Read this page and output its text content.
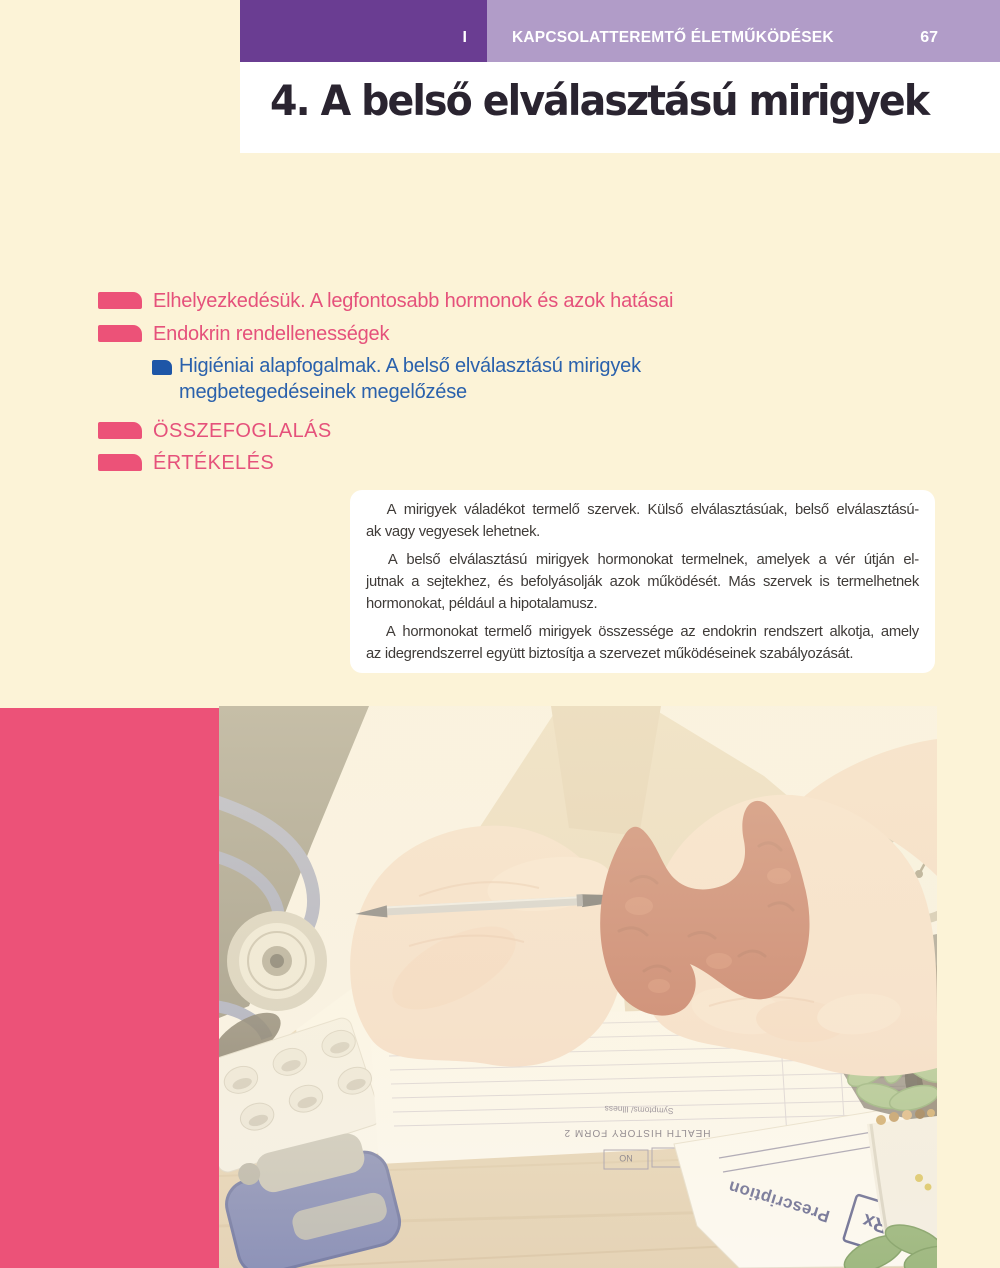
I	KAPCSOLATTEREMTŐ ÉLETMŰKÖDÉSEK	67
4. A belső elválasztású mirigyek
Elhelyezkedésük. A legfontosabb hormonok és azok hatásai
Endokrin rendellenességek
Higiéniai alapfogalmak. A belső elválasztású mirigyek
megbetegedéseinek megelőzése
ÖSSZEFOGLALÁS
ÉRTÉKELÉS

A mirigyek váladékot termelő szervek. Külső elválasztásúak, belső elválasztású-
ak vagy vegyesek lehetnek.

A belső elválasztású mirigyek hormonokat termelnek, amelyek a vér útján el-
jutnak a sejtekhez, és befolyásolják azok működését. Más szervek is termelhetnek
hormonokat, például a hipotalamusz.

A hormonokat termelő mirigyek összessége az endokrin rendszert alkotja, amely
az idegrendszerrel együtt biztosítja a szervezet működéseinek szabályozását.
